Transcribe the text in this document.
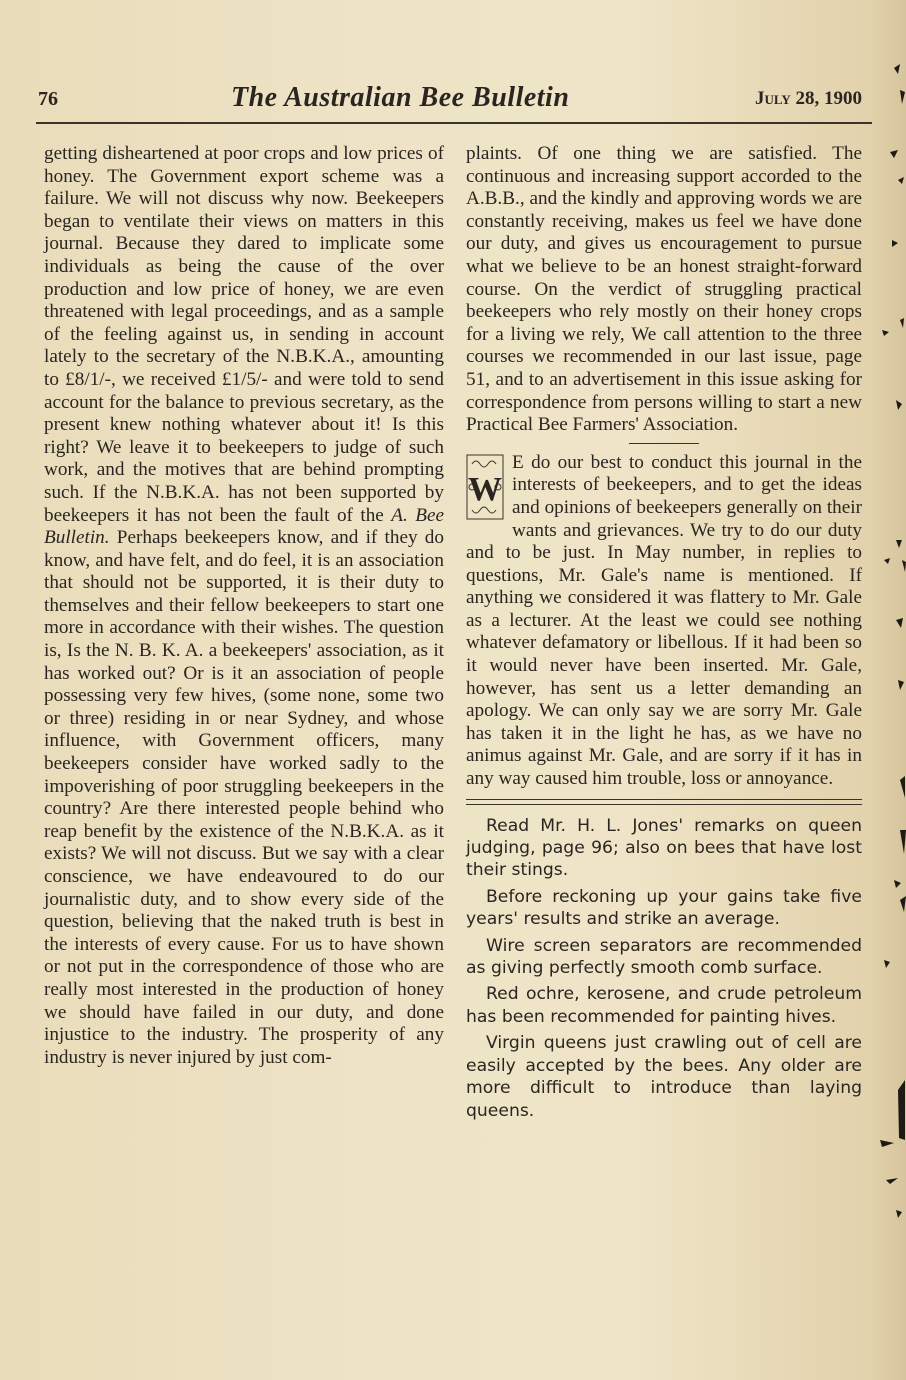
76	The Australian Bee Bulletin	July 28, 1900

getting disheartened at poor crops and low prices of honey. The Government export scheme was a failure. We will not discuss why now. Beekeepers began to ventilate their views on matters in this journal. Because they dared to implicate some individuals as being the cause of the over production and low price of honey, we are even threatened with legal proceedings, and as a sample of the feeling against us, in sending in account lately to the secretary of the N.B.K.A., amounting to £8/1/-, we received £1/5/- and were told to send account for the balance to previous secretary, as the present knew nothing whatever about it! Is this right? We leave it to beekeepers to judge of such work, and the motives that are behind prompting such. If the N.B.K.A. has not been supported by beekeepers it has not been the fault of the A. Bee Bulletin. Perhaps beekeepers know, and if they do know, and have felt, and do feel, it is an association that should not be supported, it is their duty to themselves and their fellow beekeepers to start one more in accordance with their wishes. The question is, Is the N. B. K. A. a beekeepers' association, as it has worked out? Or is it an association of people possessing very few hives, (some none, some two or three) residing in or near Sydney, and whose influence, with Government officers, many beekeepers consider have worked sadly to the impoverishing of poor struggling beekeepers in the country? Are there interested people behind who reap benefit by the existence of the N.B.K.A. as it exists? We will not discuss. But we say with a clear conscience, we have endeavoured to do our journalistic duty, and to show every side of the question, believing that the naked truth is best in the interests of every cause. For us to have shown or not put in the correspondence of those who are really most interested in the production of honey we should have failed in our duty, and done injustice to the industry. The prosperity of any industry is never injured by just com-

plaints. Of one thing we are satisfied. The continuous and increasing support accorded to the A.B.B., and the kindly and approving words we are constantly receiving, makes us feel we have done our duty, and gives us encouragement to pursue what we believe to be an honest straight-forward course. On the verdict of struggling practical beekeepers who rely mostly on their honey crops for a living we rely, We call attention to the three courses we recommended in our last issue, page 51, and to an advertisement in this issue asking for correspondence from persons willing to start a new Practical Bee Farmers' Association.

W

E do our best to conduct this journal in the interests of beekeepers, and to get the ideas and opinions of beekeepers generally on their wants and grievances. We try to do our duty and to be just. In May number, in replies to questions, Mr. Gale's name is mentioned. If anything we considered it was flattery to Mr. Gale as a lecturer. At the least we could see nothing whatever defamatory or libellous. If it had been so it would never have been inserted. Mr. Gale, however, has sent us a letter demanding an apology. We can only say we are sorry Mr. Gale has taken it in the light he has, as we have no animus against Mr. Gale, and are sorry if it has in any way caused him trouble, loss or annoyance.

Read Mr. H. L. Jones' remarks on queen judging, page 96; also on bees that have lost their stings.

Before reckoning up your gains take five years' results and strike an average.

Wire screen separators are recommended as giving perfectly smooth comb surface.

Red ochre, kerosene, and crude petroleum has been recommended for painting hives.

Virgin queens just crawling out of cell are easily accepted by the bees. Any older are more difficult to introduce than laying queens.
